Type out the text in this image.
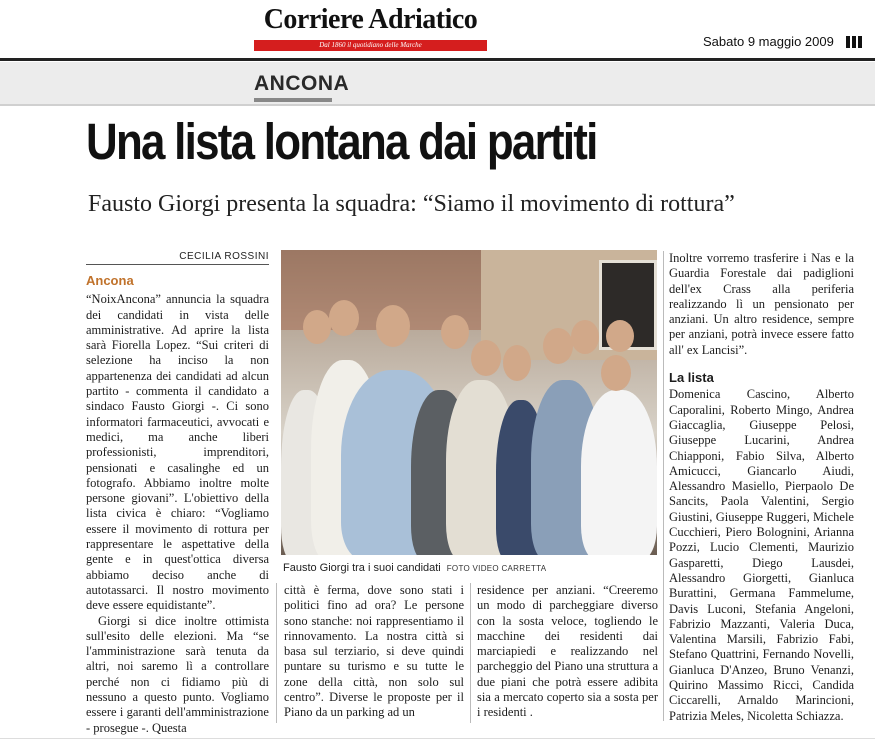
Corriere Adriatico
Dal 1860 il quotidiano delle Marche	Sabato 9 maggio 2009
ANCONA
Una lista lontana dai partiti
Fausto Giorgi presenta la squadra: “Siamo il movimento di rottura”
CECILIA ROSSINI
Ancona

“NoixAncona” annuncia la squadra dei candidati in vista delle amministrative. Ad aprire la lista sarà Fiorella Lopez. “Sui criteri di selezione ha inciso la non appartenenza dei candidati ad alcun partito - commenta il candidato a sindaco Fausto Giorgi -. Ci sono informatori farmaceutici, avvocati e medici, ma anche liberi professionisti, imprenditori, pensionati e casalinghe ed un fotografo. Abbiamo inoltre molte persone giovani”. L'obiettivo della lista civica è chiaro: “Vogliamo essere il movimento di rottura per rappresentare le aspettative della gente e in quest'ottica diversa abbiamo deciso anche di autotassarci. Il nostro movimento deve essere equidistante”.

Giorgi si dice inoltre ottimista sull'esito delle elezioni. Ma “se l'amministrazione sarà tenuta da altri, noi saremo lì a controllare perché non ci fidiamo più di nessuno a questo punto. Vogliamo essere i garanti dell'amministrazione - prosegue -. Questa

Fausto Giorgi tra i suoi candidati FOTO VIDEO CARRETTA

città è ferma, dove sono stati i politici fino ad ora? Le persone sono stanche: noi rappresentiamo il rinnovamento. La nostra città si basa sul terziario, si deve quindi puntare su turismo e su tutte le zone della città, non solo sul centro”. Diverse le proposte per il Piano da un parking ad un

residence per anziani. “Creeremo un modo di parcheggiare diverso con la sosta veloce, togliendo le macchine dei residenti dai marciapiedi e realizzando nel parcheggio del Piano una struttura a due piani che potrà essere adibita sia a mercato coperto sia a sosta per i residenti .

Inoltre vorremo trasferire i Nas e la Guardia Forestale dai padiglioni dell'ex Crass alla periferia realizzando lì un pensionato per anziani. Un altro residence, sempre per anziani, potrà invece essere fatto all' ex Lancisi”.

La lista

Domenica Cascino, Alberto Caporalini, Roberto Mingo, Andrea Giaccaglia, Giuseppe Pelosi, Giuseppe Lucarini, Andrea Chiapponi, Fabio Silva, Alberto Amicucci, Giancarlo Aiudi, Alessandro Masiello, Pierpaolo De Sancits, Paola Valentini, Sergio Giustini, Giuseppe Ruggeri, Michele Cucchieri, Piero Bolognini, Arianna Pozzi, Lucio Clementi, Maurizio Gasparetti, Diego Lausdei, Alessandro Giorgetti, Gianluca Burattini, Germana Fammelume, Davis Luconi, Stefania Angeloni, Fabrizio Mazzanti, Valeria Duca, Valentina Marsili, Fabrizio Fabi, Stefano Quattrini, Fernando Novelli, Gianluca D'Anzeo, Bruno Venanzi, Quirino Massimo Ricci, Candida Ciccarelli, Arnaldo Marincioni, Patrizia Meles, Nicoletta Schiazza.
